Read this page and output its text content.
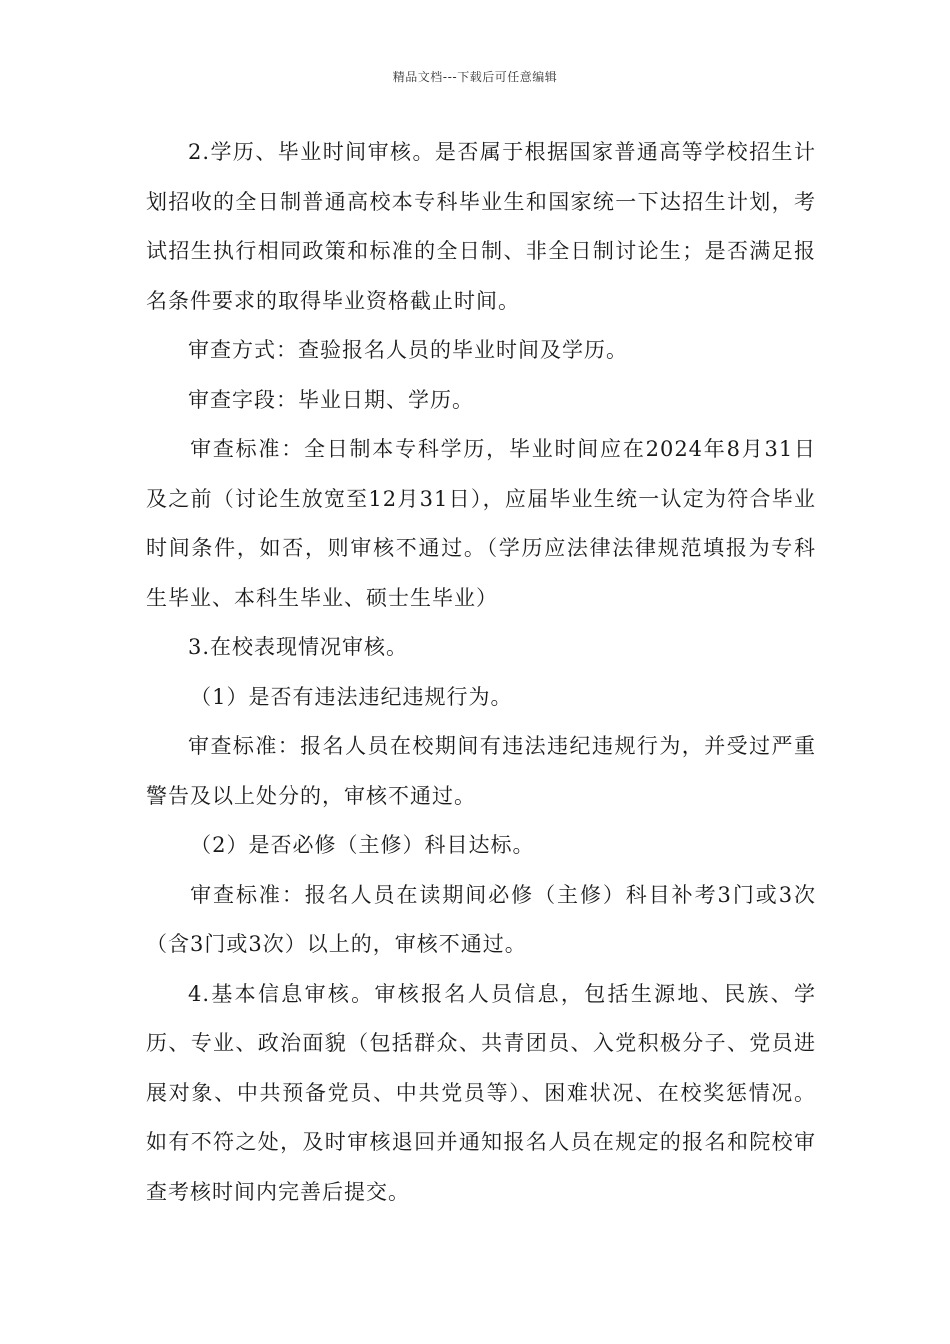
精品文档---下载后可任意编辑

2.学历、毕业时间审核。是否属于根据国家普通高等学校招生计划招收的全日制普通高校本专科毕业生和国家统一下达招生计划，考试招生执行相同政策和标准的全日制、非全日制讨论生；是否满足报名条件要求的取得毕业资格截止时间。

审查方式：查验报名人员的毕业时间及学历。

审查字段：毕业日期、学历。

审查标准：全日制本专科学历，毕业时间应在2024年8月31日及之前（讨论生放宽至12月31日），应届毕业生统一认定为符合毕业时间条件，如否，则审核不通过。（学历应法律法律规范填报为专科生毕业、本科生毕业、硕士生毕业）

3.在校表现情况审核。

（1）是否有违法违纪违规行为。

审查标准：报名人员在校期间有违法违纪违规行为，并受过严重警告及以上处分的，审核不通过。

（2）是否必修（主修）科目达标。

审查标准：报名人员在读期间必修（主修）科目补考3门或3次（含3门或3次）以上的，审核不通过。

4.基本信息审核。审核报名人员信息，包括生源地、民族、学历、专业、政治面貌（包括群众、共青团员、入党积极分子、党员进展对象、中共预备党员、中共党员等）、困难状况、在校奖惩情况。如有不符之处，及时审核退回并通知报名人员在规定的报名和院校审查考核时间内完善后提交。
